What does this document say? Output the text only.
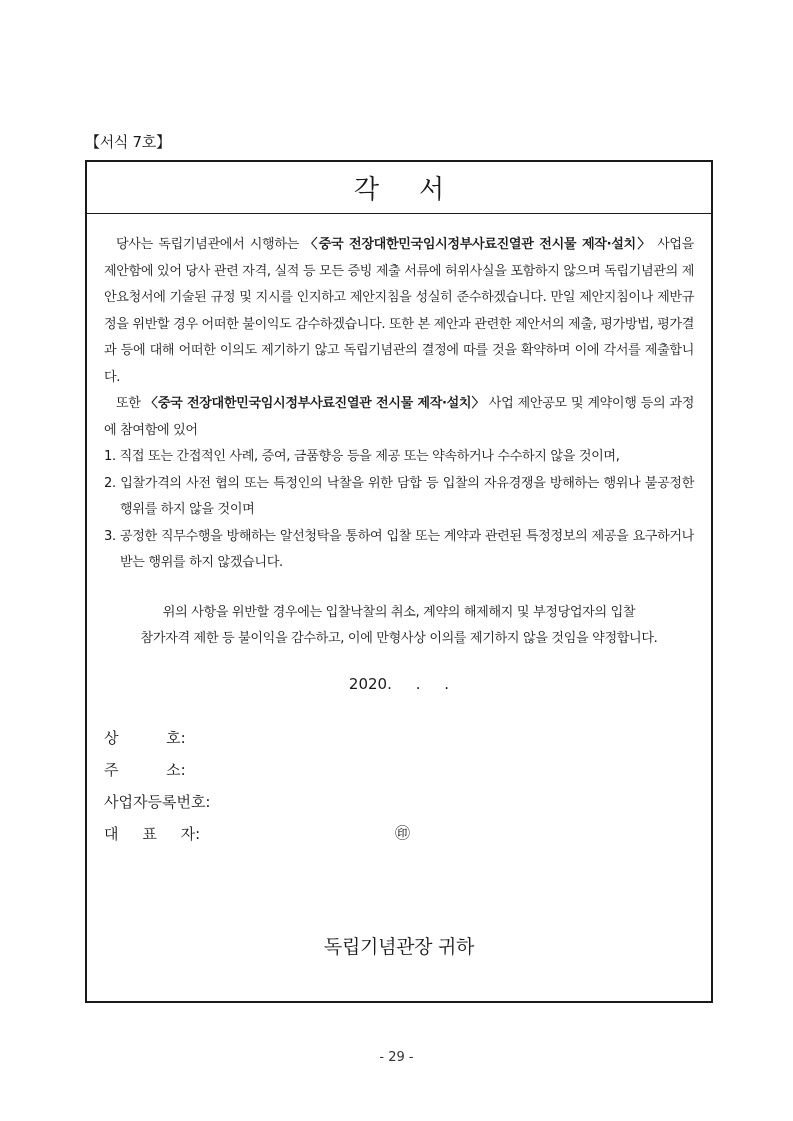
【서식 7호】
각서

당사는 독립기념관에서 시행하는 〈중국 전장대한민국임시정부사료진열관 전시물 제작·설치〉 사업을 제안함에 있어 당사 관련 자격, 실적 등 모든 증빙 제출 서류에 허위사실을 포함하지 않으며 독립기념관의 제안요청서에 기술된 규정 및 지시를 인지하고 제안지침을 성실히 준수하겠습니다. 만일 제안지침이나 제반규정을 위반할 경우 어떠한 불이익도 감수하겠습니다. 또한 본 제안과 관련한 제안서의 제출, 평가방법, 평가결과 등에 대해 어떠한 이의도 제기하기 않고 독립기념관의 결정에 따를 것을 확약하며 이에 각서를 제출합니다.

또한 〈중국 전장대한민국임시정부사료진열관 전시물 제작·설치〉 사업 제안공모 및 계약이행 등의 과정에 참여함에 있어

1. 직접 또는 간접적인 사례, 증여, 금품향응 등을 제공 또는 약속하거나 수수하지 않을 것이며,
2. 입찰가격의 사전 협의 또는 특정인의 낙찰을 위한 담합 등 입찰의 자유경쟁을 방해하는 행위나 불공정한 행위를 하지 않을 것이며
3. 공정한 직무수행을 방해하는 알선청탁을 통하여 입찰 또는 계약과 관련된 특정정보의 제공을 요구하거나 받는 행위를 하지 않겠습니다.
위의 사항을 위반할 경우에는 입찰낙찰의 취소, 계약의 해제해지 및 부정당업자의 입찰
참가자격 제한 등 불이익을 감수하고, 이에 만형사상 이의를 제기하지 않을 것임을 약정합니다.
2020.     .     .
상          호:
주          소:
사업자등록번호:
대     표     자:	㊞
독립기념관장 귀하
- 29 -
